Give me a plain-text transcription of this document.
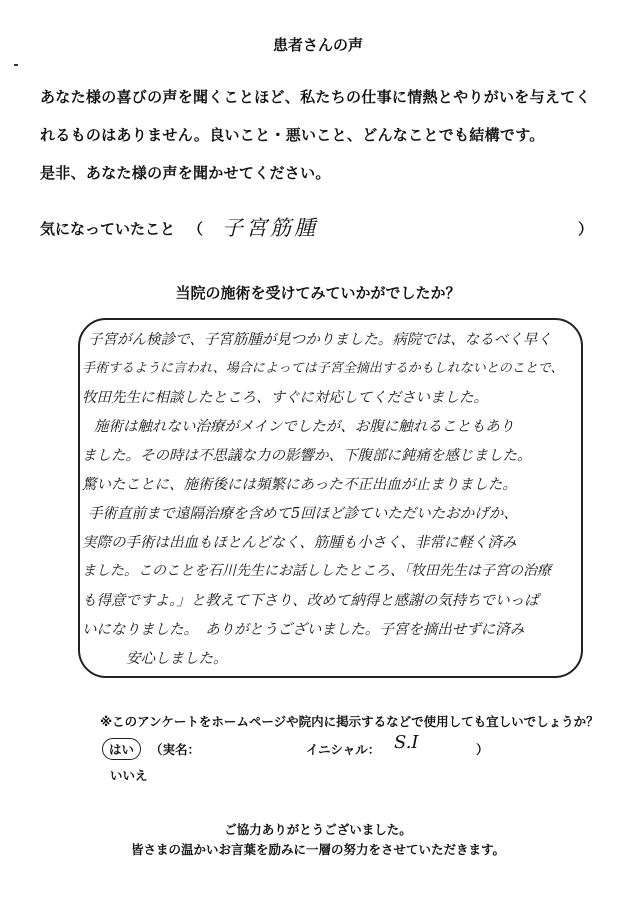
患者さんの声
あなた様の喜びの声を聞くことほど、私たちの仕事に情熱とやりがいを与えてく
れるものはありません。良いこと・悪いこと、どんなことでも結構です。
是非、あなた様の声を聞かせてください。
気になっていたこと （ 子宮筋腫	）
当院の施術を受けてみていかがでしたか？
子宮がん検診で、子宮筋腫が見つかりました。病院では、なるべく早く
手術するように言われ、場合によっては子宮全摘出するかもしれないとのことで、
牧田先生に相談したところ、すぐに対応してくださいました。
施術は触れない治療がメインでしたが、お腹に触れることもあり
ました。その時は不思議な力の影響か、下腹部に鈍痛を感じました。
驚いたことに、施術後には頻繁にあった不正出血が止まりました。
手術直前まで遠隔治療を含めて5回ほど診ていただいたおかげか、
実際の手術は出血もほとんどなく、筋腫も小さく、非常に軽く済み
ました。このことを石川先生にお話ししたところ、「牧田先生は子宮の治療
も得意ですよ。」と教えて下さり、改めて納得と感謝の気持ちでいっぱ
いになりました。　ありがとうございました。子宮を摘出せずに済み
安心しました。
※このアンケートをホームページや院内に掲示するなどで使用しても宜しいでしょうか？
はい	（実名：	イニシャル： S.I	）
いいえ
ご協力ありがとうございました。
皆さまの温かいお言葉を励みに一層の努力をさせていただきます。
